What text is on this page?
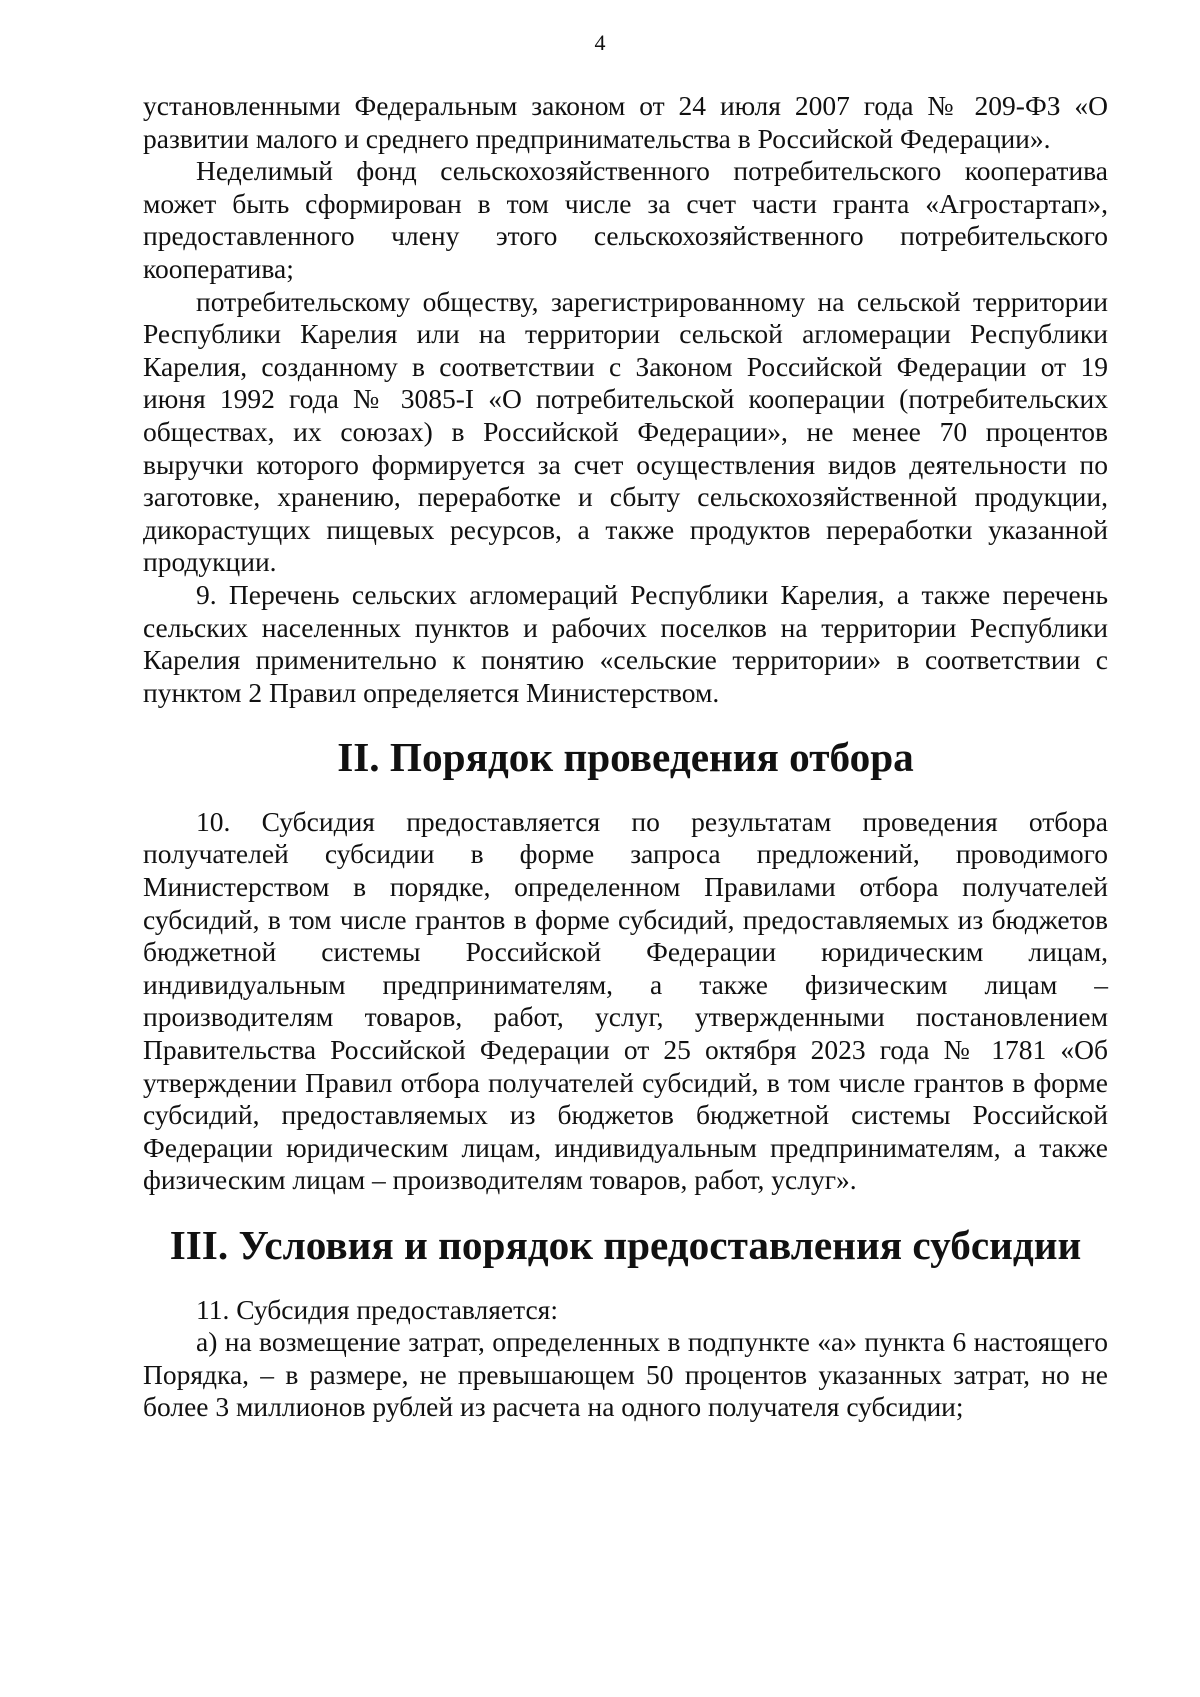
4

установленными Федеральным законом от 24 июля 2007 года № 209-ФЗ «О развитии малого и среднего предпринимательства в Российской Федерации».

Неделимый фонд сельскохозяйственного потребительского кооператива может быть сформирован в том числе за счет части гранта «Агростартап», предоставленного члену этого сельскохозяйственного потребительского кооператива;

потребительскому обществу, зарегистрированному на сельской территории Республики Карелия или на территории сельской агломерации Республики Карелия, созданному в соответствии с Законом Российской Федерации от 19 июня 1992 года № 3085-I «О потребительской кооперации (потребительских обществах, их союзах) в Российской Федерации», не менее 70 процентов выручки которого формируется за счет осуществления видов деятельности по заготовке, хранению, переработке и сбыту сельскохозяйственной продукции, дикорастущих пищевых ресурсов, а также продуктов переработки указанной продукции.

9. Перечень сельских агломераций Республики Карелия, а также перечень сельских населенных пунктов и рабочих поселков на территории Республики Карелия применительно к понятию «сельские территории» в соответствии с пунктом 2 Правил определяется Министерством.

II. Порядок проведения отбора

10. Субсидия предоставляется по результатам проведения отбора получателей субсидии в форме запроса предложений, проводимого Министерством в порядке, определенном Правилами отбора получателей субсидий, в том числе грантов в форме субсидий, предоставляемых из бюджетов бюджетной системы Российской Федерации юридическим лицам, индивидуальным предпринимателям, а также физическим лицам – производителям товаров, работ, услуг, утвержденными постановлением Правительства Российской Федерации от 25 октября 2023 года № 1781 «Об утверждении Правил отбора получателей субсидий, в том числе грантов в форме субсидий, предоставляемых из бюджетов бюджетной системы Российской Федерации юридическим лицам, индивидуальным предпринимателям, а также физическим лицам – производителям товаров, работ, услуг».

III. Условия и порядок предоставления субсидии

11. Субсидия предоставляется:

а) на возмещение затрат, определенных в подпункте «а» пункта 6 настоящего Порядка, – в размере, не превышающем 50 процентов указанных затрат, но не более 3 миллионов рублей из расчета на одного получателя субсидии;
